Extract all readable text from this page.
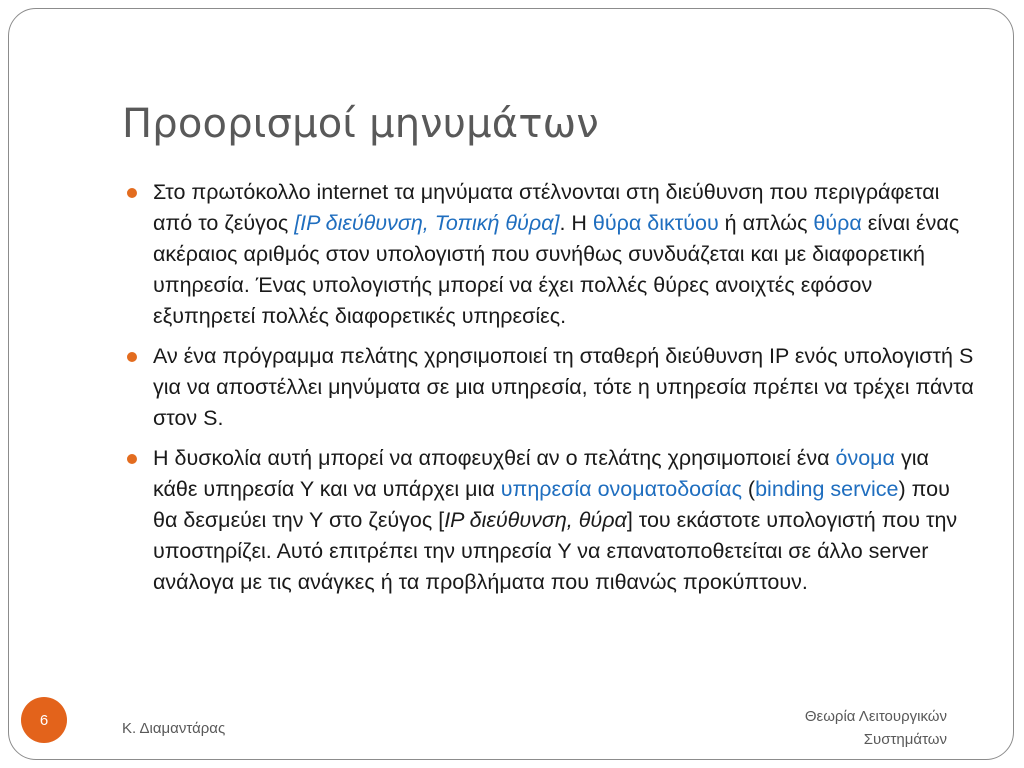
Προορισμοί μηνυμάτων
Στο πρωτόκολλο internet τα μηνύματα στέλνονται στη διεύθυνση που περιγράφεται από το ζεύγος [IP διεύθυνση, Τοπική θύρα]. Η θύρα δικτύου ή απλώς θύρα είναι ένας ακέραιος αριθμός στον υπολογιστή που συνήθως συνδυάζεται και με διαφορετική υπηρεσία. Ένας υπολογιστής μπορεί να έχει πολλές θύρες ανοιχτές εφόσον εξυπηρετεί πολλές διαφορετικές υπηρεσίες.
Αν ένα πρόγραμμα πελάτης χρησιμοποιεί τη σταθερή διεύθυνση IP ενός υπολογιστή S για να αποστέλλει μηνύματα σε μια υπηρεσία, τότε η υπηρεσία πρέπει να τρέχει πάντα στον S.
Η δυσκολία αυτή μπορεί να αποφευχθεί αν ο πελάτης χρησιμοποιεί ένα όνομα για κάθε υπηρεσία Υ και να υπάρχει μια υπηρεσία ονοματοδοσίας (binding service) που θα δεσμεύει την Υ στο ζεύγος [IP διεύθυνση, θύρα] του εκάστοτε υπολογιστή που την υποστηρίζει. Αυτό επιτρέπει την υπηρεσία Υ να επανατοποθετείται σε άλλο server ανάλογα με τις ανάγκες ή τα προβλήματα που πιθανώς προκύπτουν.
Κ. Διαμαντάρας
Θεωρία Λειτουργικών
Συστημάτων
6
